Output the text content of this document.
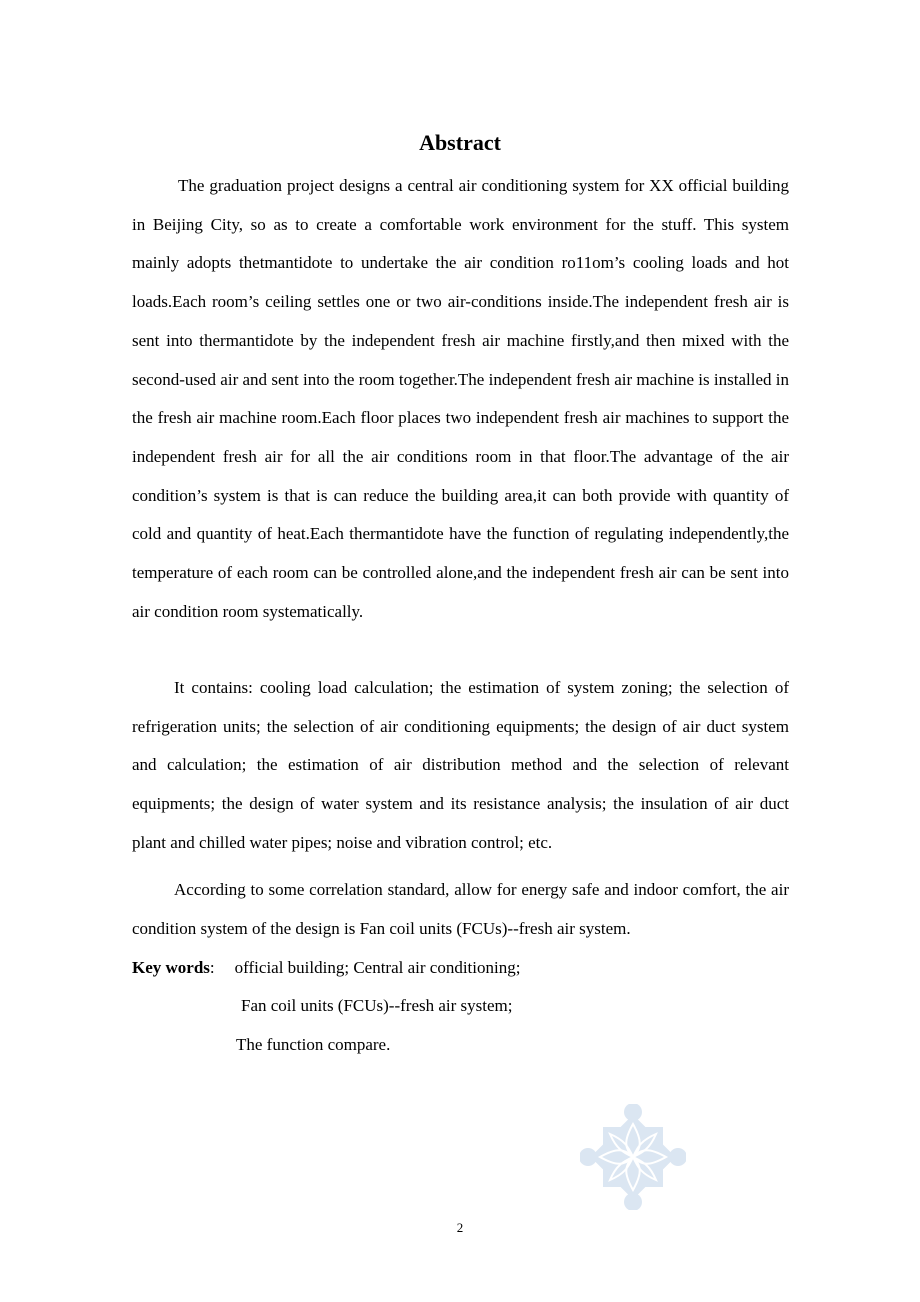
Abstract

The graduation project designs a central air conditioning system for XX official building in Beijing City, so as to create a comfortable work environment for the stuff. This system mainly adopts thetmantidote to undertake the air condition ro11om’s cooling loads and hot loads.Each room’s ceiling settles one or two air-conditions inside.The independent fresh air is sent into thermantidote by the independent fresh air machine firstly,and then mixed with the second-used air and sent into the room together.The independent fresh air machine is installed in the fresh air machine room.Each floor places two independent fresh air machines to support the independent fresh air for all the air conditions room in that floor.The advantage of the air condition’s system is that is can reduce the building area,it can both provide with quantity of cold and quantity of heat.Each thermantidote have the function of regulating independently,the temperature of each room can be controlled alone,and the independent fresh air can be sent into air condition room systematically.

It contains: cooling load calculation; the estimation of system zoning; the selection of refrigeration units; the selection of air conditioning equipments; the design of air duct system and calculation; the estimation of air distribution method and the selection of relevant equipments; the design of water system and its resistance analysis; the insulation of air duct plant and chilled water pipes; noise and vibration control; etc.

According to some correlation standard, allow for energy safe and indoor comfort, the air condition system of the design is Fan coil units (FCUs)--fresh air system.

Key words: official building; Central air conditioning;
Fan coil units (FCUs)--fresh air system;
The function compare.
2
